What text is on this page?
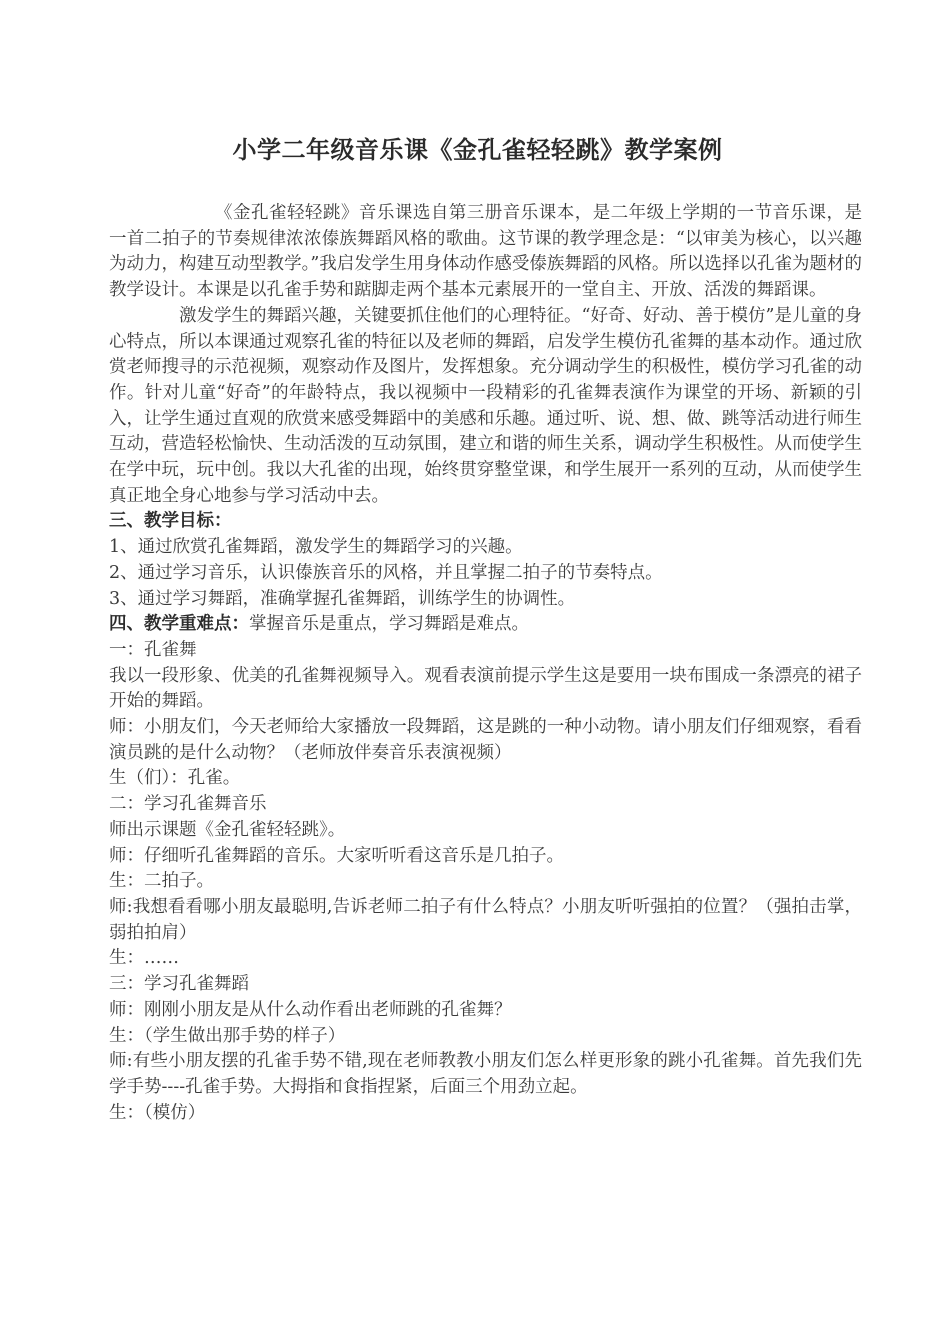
小学二年级音乐课《金孔雀轻轻跳》教学案例

《金孔雀轻轻跳》音乐课选自第三册音乐课本，是二年级上学期的一节音乐课，是一首二拍子的节奏规律浓浓傣族舞蹈风格的歌曲。这节课的教学理念是：“以审美为核心，以兴趣为动力，构建互动型教学。”我启发学生用身体动作感受傣族舞蹈的风格。所以选择以孔雀为题材的教学设计。本课是以孔雀手势和踮脚走两个基本元素展开的一堂自主、开放、活泼的舞蹈课。

激发学生的舞蹈兴趣，关键要抓住他们的心理特征。“好奇、好动、善于模仿”是儿童的身心特点，所以本课通过观察孔雀的特征以及老师的舞蹈，启发学生模仿孔雀舞的基本动作。通过欣赏老师搜寻的示范视频，观察动作及图片，发挥想象。充分调动学生的积极性，模仿学习孔雀的动作。针对儿童“好奇”的年龄特点，我以视频中一段精彩的孔雀舞表演作为课堂的开场、新颖的引入，让学生通过直观的欣赏来感受舞蹈中的美感和乐趣。通过听、说、想、做、跳等活动进行师生互动，营造轻松愉快、生动活泼的互动氛围，建立和谐的师生关系，调动学生积极性。从而使学生在学中玩，玩中创。我以大孔雀的出现，始终贯穿整堂课，和学生展开一系列的互动，从而使学生真正地全身心地参与学习活动中去。

三、教学目标：

1、通过欣赏孔雀舞蹈，激发学生的舞蹈学习的兴趣。

2、通过学习音乐，认识傣族音乐的风格，并且掌握二拍子的节奏特点。

3、通过学习舞蹈，准确掌握孔雀舞蹈，训练学生的协调性。

四、教学重难点：掌握音乐是重点，学习舞蹈是难点。

一：孔雀舞

我以一段形象、优美的孔雀舞视频导入。观看表演前提示学生这是要用一块布围成一条漂亮的裙子开始的舞蹈。

师：小朋友们，今天老师给大家播放一段舞蹈，这是跳的一种小动物。请小朋友们仔细观察，看看演员跳的是什么动物？（老师放伴奏音乐表演视频）

生（们）：孔雀。

二：学习孔雀舞音乐

师出示课题《金孔雀轻轻跳》。

师：仔细听孔雀舞蹈的音乐。大家听听看这音乐是几拍子。

生：二拍子。

师:我想看看哪小朋友最聪明,告诉老师二拍子有什么特点？小朋友听听强拍的位置？（强拍击掌，弱拍拍肩）

生：……

三：学习孔雀舞蹈

师：刚刚小朋友是从什么动作看出老师跳的孔雀舞？

生：（学生做出那手势的样子）

师:有些小朋友摆的孔雀手势不错,现在老师教教小朋友们怎么样更形象的跳小孔雀舞。首先我们先学手势----孔雀手势。大拇指和食指捏紧，后面三个用劲立起。

生：（模仿）
